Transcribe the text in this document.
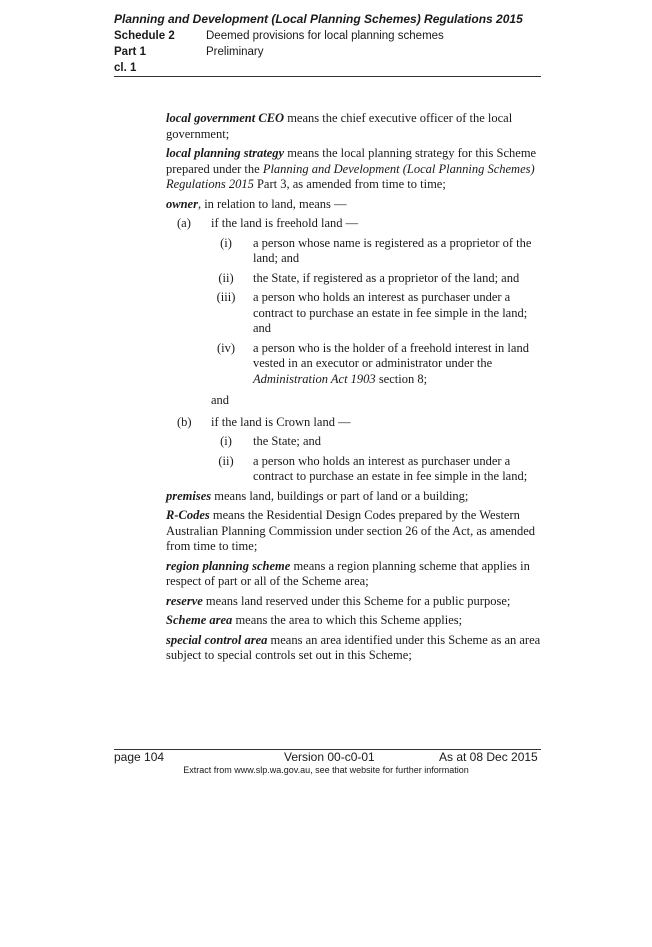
Planning and Development (Local Planning Schemes) Regulations 2015
Schedule 2	Deemed provisions for local planning schemes
Part 1	Preliminary
cl. 1

local government CEO means the chief executive officer of the local government;

local planning strategy means the local planning strategy for this Scheme prepared under the Planning and Development (Local Planning Schemes) Regulations 2015 Part 3, as amended from time to time;

owner, in relation to land, means —

(a) if the land is freehold land —
(i)	a person whose name is registered as a proprietor of the land; and
(ii)	the State, if registered as a proprietor of the land; and
(iii)	a person who holds an interest as purchaser under a contract to purchase an estate in fee simple in the land; and
(iv)	a person who is the holder of a freehold interest in land vested in an executor or administrator under the Administration Act 1903 section 8;
and
(b) if the land is Crown land —
(i)	the State; and
(ii)	a person who holds an interest as purchaser under a contract to purchase an estate in fee simple in the land;

premises means land, buildings or part of land or a building;

R-Codes means the Residential Design Codes prepared by the Western Australian Planning Commission under section 26 of the Act, as amended from time to time;

region planning scheme means a region planning scheme that applies in respect of part or all of the Scheme area;

reserve means land reserved under this Scheme for a public purpose;

Scheme area means the area to which this Scheme applies;

special control area means an area identified under this Scheme as an area subject to special controls set out in this Scheme;

page 104	Version 00-c0-01	As at 08 Dec 2015
Extract from www.slp.wa.gov.au, see that website for further information
